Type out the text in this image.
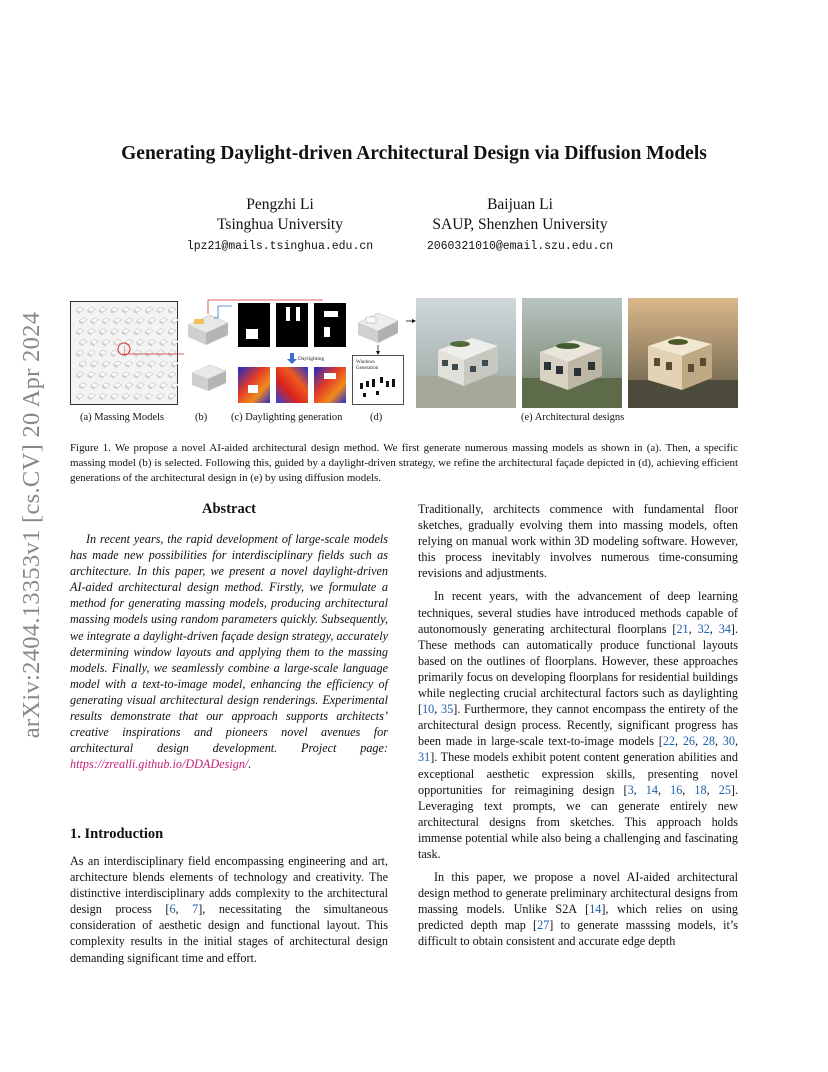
arXiv:2404.13353v1 [cs.CV] 20 Apr 2024
Generating Daylight-driven Architectural Design via Diffusion Models
Pengzhi Li
Tsinghua University
lpz21@mails.tsinghua.edu.cn
Baijuan Li
SAUP, Shenzhen University
2060321010@email.szu.edu.cn
Daylighting
Windows
Generation
(a) Massing Models	(b) (c) Daylighting generation	(d)	(e) Architectural designs
Figure 1. We propose a novel AI-aided architectural design method. We first generate numerous massing models as shown in (a). Then, a specific massing model (b) is selected. Following this, guided by a daylight-driven strategy, we refine the architectural façade depicted in (d), achieving efficient generations of the architectural design in (e) by using diffusion models.
Abstract

In recent years, the rapid development of large-scale models has made new possibilities for interdisciplinary fields such as architecture. In this paper, we present a novel daylight-driven AI-aided architectural design method. Firstly, we formulate a method for generating massing models, producing architectural massing models using random parameters quickly. Subsequently, we integrate a daylight-driven façade design strategy, accurately determining window layouts and applying them to the massing models. Finally, we seamlessly combine a large-scale language model with a text-to-image model, enhancing the efficiency of generating visual architectural design renderings. Experimental results demonstrate that our approach supports architects’ creative inspirations and pioneers novel avenues for architectural design development. Project page: https://zrealli.github.io/DDADesign/.

1. Introduction

As an interdisciplinary field encompassing engineering and art, architecture blends elements of technology and creativity. The distinctive interdisciplinary adds complexity to the architectural design process [6, 7], necessitating the simultaneous consideration of aesthetic design and functional layout. This complexity results in the initial stages of architectural design demanding significant time and effort.

Traditionally, architects commence with fundamental floor sketches, gradually evolving them into massing models, often relying on manual work within 3D modeling software. However, this process inevitably involves numerous time-consuming revisions and adjustments.

In recent years, with the advancement of deep learning techniques, several studies have introduced methods capable of autonomously generating architectural floorplans [21, 32, 34]. These methods can automatically produce functional layouts based on the outlines of floorplans. However, these approaches primarily focus on developing floorplans for residential buildings while neglecting crucial architectural factors such as daylighting [10, 35]. Furthermore, they cannot encompass the entirety of the architectural design process. Recently, significant progress has been made in large-scale text-to-image models [22, 26, 28, 30, 31]. These models exhibit potent content generation abilities and exceptional aesthetic expression skills, presenting novel opportunities for reimagining design [3, 14, 16, 18, 25]. Leveraging text prompts, we can generate entirely new architectural designs from sketches. This approach holds immense potential while also being a challenging and fascinating task.

In this paper, we propose a novel AI-aided architectural design method to generate preliminary architectural designs from massing models. Unlike S2A [14], which relies on using predicted depth map [27] to generate masssing models, it’s difficult to obtain consistent and accurate edge depth
